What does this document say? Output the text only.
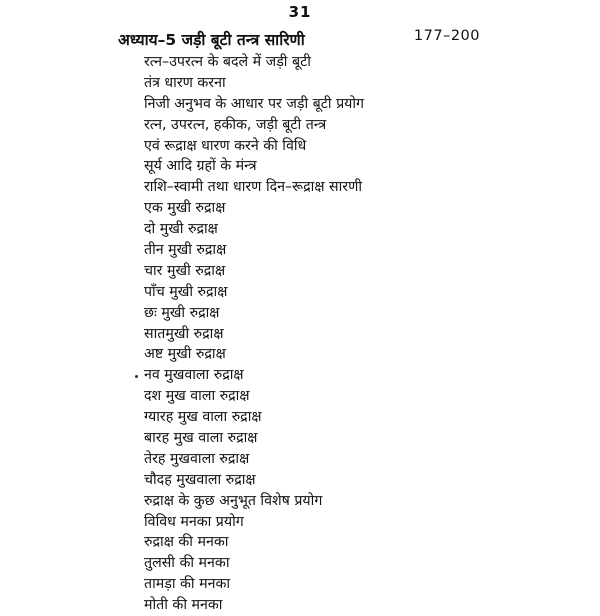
31
अध्याय–5 जड़ी बूटी तन्त्र सारिणी	177–200
रत्न–उपरत्न के बदले में जड़ी बूटी
तंत्र धारण करना
निजी अनुभव के आधार पर जड़ी बूटी प्रयोग
रत्न, उपरत्न, हकीक, जड़ी बूटी तन्त्र
एवं रूद्राक्ष धारण करने की विधि
सूर्य आदि ग्रहों के मंन्त्र
राशि–स्वामी तथा धारण दिन–रूद्राक्ष सारणी
एक मुखी रुद्राक्ष
दो मुखी रुद्राक्ष
तीन मुखी रुद्राक्ष
चार मुखी रुद्राक्ष
पाँच मुखी रुद्राक्ष
छः मुखी रुद्राक्ष
सातमुखी रुद्राक्ष
अष्ट मुखी रुद्राक्ष
नव मुखवाला रुद्राक्ष
दश मुख वाला रुद्राक्ष
ग्यारह मुख वाला रुद्राक्ष
बारह मुख वाला रुद्राक्ष
तेरह मुखवाला रुद्राक्ष
चौदह मुखवाला रुद्राक्ष
रुद्राक्ष के कुछ अनुभूत विशेष प्रयोग
विविध मनका प्रयोग
रुद्राक्ष की मनका
तुलसी की मनका
तामड़ा की मनका
मोती की मनका
